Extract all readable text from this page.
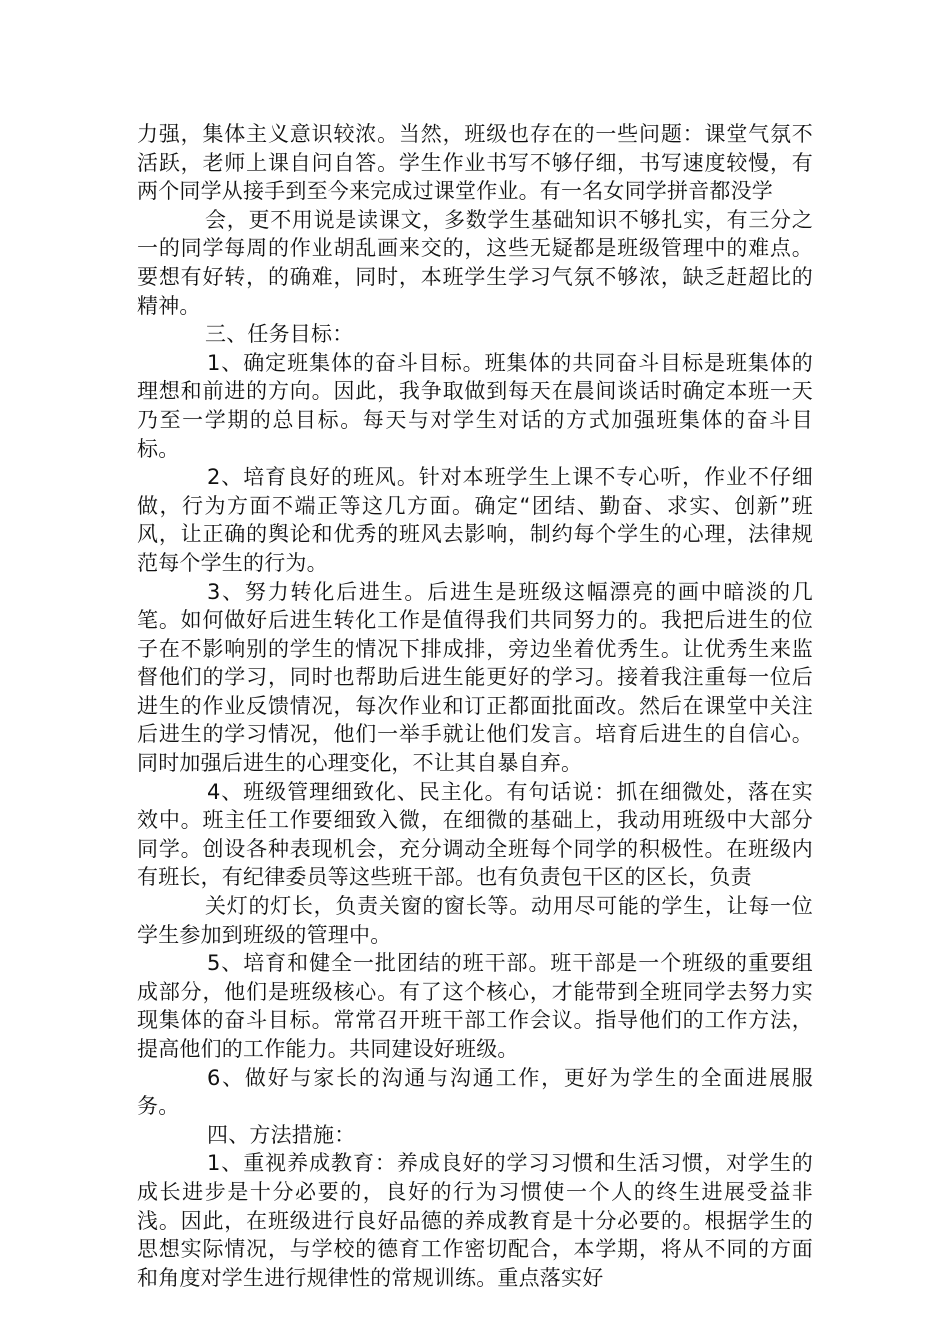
力强，集体主义意识较浓。当然，班级也存在的一些问题：课堂气氛不活跃，老师上课自问自答。学生作业书写不够仔细，书写速度较慢，有两个同学从接手到至今来完成过课堂作业。有一名女同学拼音都没学

会，更不用说是读课文，多数学生基础知识不够扎实，有三分之一的同学每周的作业胡乱画来交的，这些无疑都是班级管理中的难点。要想有好转，的确难，同时，本班学生学习气氛不够浓，缺乏赶超比的精神。

三、任务目标：

1、确定班集体的奋斗目标。班集体的共同奋斗目标是班集体的理想和前进的方向。因此，我争取做到每天在晨间谈话时确定本班一天乃至一学期的总目标。每天与对学生对话的方式加强班集体的奋斗目标。

2、培育良好的班风。针对本班学生上课不专心听，作业不仔细做，行为方面不端正等这几方面。确定“团结、勤奋、求实、创新”班风，让正确的舆论和优秀的班风去影响，制约每个学生的心理，法律规范每个学生的行为。

3、努力转化后进生。后进生是班级这幅漂亮的画中暗淡的几笔。如何做好后进生转化工作是值得我们共同努力的。我把后进生的位子在不影响别的学生的情况下排成排，旁边坐着优秀生。让优秀生来监督他们的学习，同时也帮助后进生能更好的学习。接着我注重每一位后进生的作业反馈情况，每次作业和订正都面批面改。然后在课堂中关注后进生的学习情况，他们一举手就让他们发言。培育后进生的自信心。同时加强后进生的心理变化，不让其自暴自弃。

4、班级管理细致化、民主化。有句话说：抓在细微处，落在实效中。班主任工作要细致入微，在细微的基础上，我动用班级中大部分同学。创设各种表现机会，充分调动全班每个同学的积极性。在班级内有班长，有纪律委员等这些班干部。也有负责包干区的区长，负责

关灯的灯长，负责关窗的窗长等。动用尽可能的学生，让每一位学生参加到班级的管理中。

5、培育和健全一批团结的班干部。班干部是一个班级的重要组成部分，他们是班级核心。有了这个核心，才能带到全班同学去努力实现集体的奋斗目标。常常召开班干部工作会议。指导他们的工作方法，提高他们的工作能力。共同建设好班级。

6、做好与家长的沟通与沟通工作，更好为学生的全面进展服务。

四、方法措施：

1、重视养成教育：养成良好的学习习惯和生活习惯，对学生的成长进步是十分必要的，良好的行为习惯使一个人的终生进展受益非浅。因此，在班级进行良好品德的养成教育是十分必要的。根据学生的思想实际情况，与学校的德育工作密切配合，本学期，将从不同的方面和角度对学生进行规律性的常规训练。重点落实好
